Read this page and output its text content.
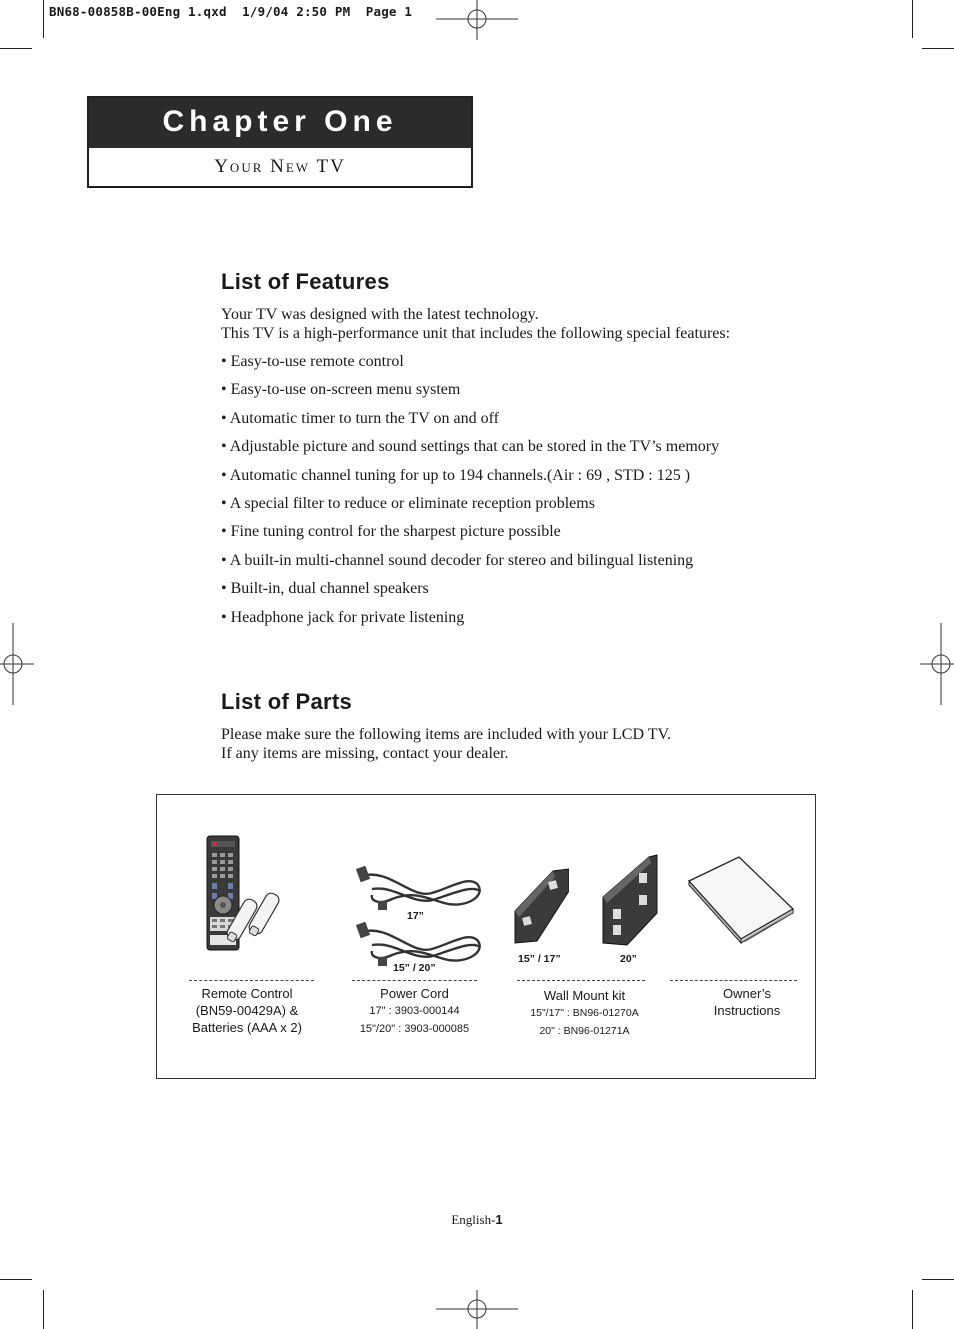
BN68-00858B-00Eng 1.qxd  1/9/04 2:50 PM  Page 1
Chapter One
Your New TV
List of Features
Your TV was designed with the latest technology.
This TV is a high-performance unit that includes the following special features:
• Easy-to-use remote control
• Easy-to-use on-screen menu system
• Automatic timer to turn the TV on and off
• Adjustable picture and sound settings that can be stored in the TV’s memory
• Automatic channel tuning for up to 194 channels.(Air : 69 , STD : 125 )
• A special filter to reduce or eliminate reception problems
• Fine tuning control for the sharpest picture possible
• A built-in multi-channel sound decoder for stereo and bilingual listening
• Built-in, dual channel speakers
• Headphone jack for private listening
List of Parts
Please make sure the following items are included with your LCD TV.
If any items are missing, contact your dealer.
17”
15” / 20”
15” / 17”	20”
Remote Control
(BN59-00429A) &
Batteries (AAA x 2)
Power Cord
17" : 3903-000144
15"/20" : 3903-000085
Wall Mount kit
15"/17" : BN96-01270A
20" : BN96-01271A
Owner’s
Instructions
English-1
